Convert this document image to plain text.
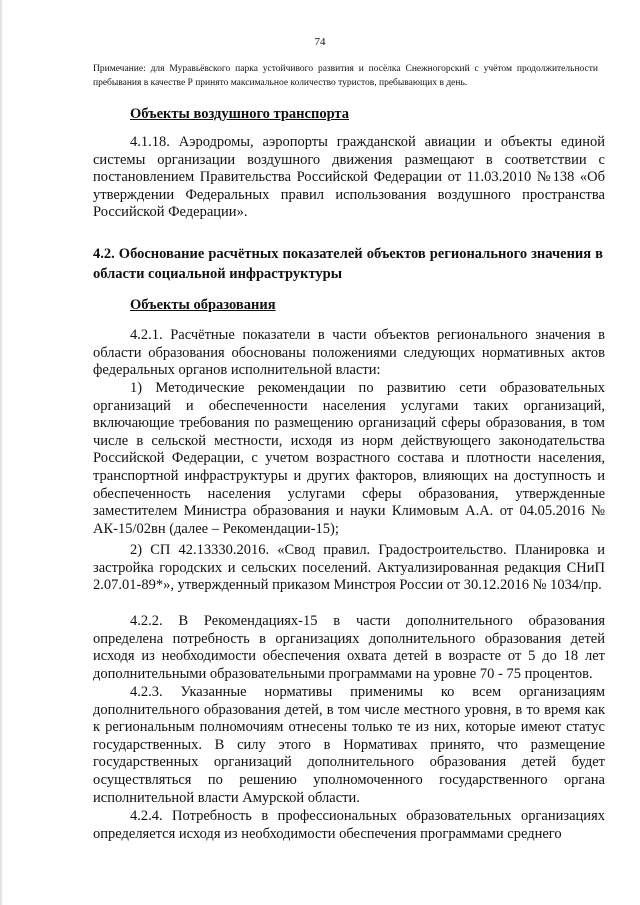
74
Примечание: для Муравьёвского парка устойчивого развития и посёлка Снежногорский с учётом продолжительности пребывания в качестве Р принято максимальное количество туристов, пребывающих в день.
Объекты воздушного транспорта
4.1.18. Аэродромы, аэропорты гражданской авиации и объекты единой системы организации воздушного движения размещают в соответствии с постановлением Правительства Российской Федерации от 11.03.2010 №138 «Об утверждении Федеральных правил использования воздушного пространства Российской Федерации».
4.2. Обоснование расчётных показателей объектов регионального значения в области социальной инфраструктуры
Объекты образования
4.2.1. Расчётные показатели в части объектов регионального значения в области образования обоснованы положениями следующих нормативных актов федеральных органов исполнительной власти:
1) Методические рекомендации по развитию сети образовательных организаций и обеспеченности населения услугами таких организаций, включающие требования по размещению организаций сферы образования, в том числе в сельской местности, исходя из норм действующего законодательства Российской Федерации, с учетом возрастного состава и плотности населения, транспортной инфраструктуры и других факторов, влияющих на доступность и обеспеченность населения услугами сферы образования, утвержденные заместителем Министра образования и науки Климовым А.А. от 04.05.2016 № АК-15/02вн (далее – Рекомендации-15);
2) СП 42.13330.2016. «Свод правил. Градостроительство. Планировка и застройка городских и сельских поселений. Актуализированная редакция СНиП 2.07.01-89*», утвержденный приказом Минстроя России от 30.12.2016 № 1034/пр.
4.2.2. В Рекомендациях-15 в части дополнительного образования определена потребность в организациях дополнительного образования детей исходя из необходимости обеспечения охвата детей в возрасте от 5 до 18 лет дополнительными образовательными программами на уровне 70 - 75 процентов.
4.2.3. Указанные нормативы применимы ко всем организациям дополнительного образования детей, в том числе местного уровня, в то время как к региональным полномочиям отнесены только те из них, которые имеют статус государственных. В силу этого в Нормативах принято, что размещение государственных организаций дополнительного образования детей будет осуществляться по решению уполномоченного государственного органа исполнительной власти Амурской области.
4.2.4. Потребность в профессиональных образовательных организациях определяется исходя из необходимости обеспечения программами среднего
